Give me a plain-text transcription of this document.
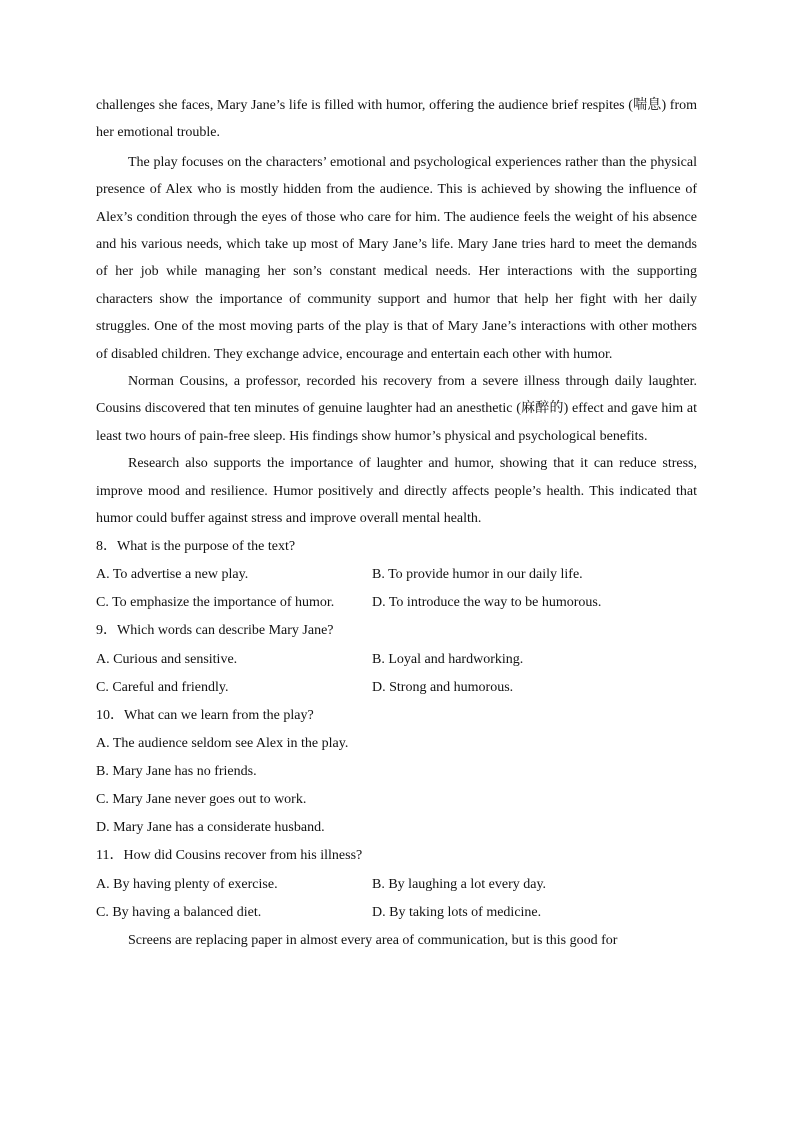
challenges she faces, Mary Jane’s life is filled with humor, offering the audience brief respites (喘息) from her emotional trouble.

The play focuses on the characters’ emotional and psychological experiences rather than the physical presence of Alex who is mostly hidden from the audience. This is achieved by showing the influence of Alex’s condition through the eyes of those who care for him. The audience feels the weight of his absence and his various needs, which take up most of Mary Jane’s life. Mary Jane tries hard to meet the demands of her job while managing her son’s constant medical needs. Her interactions with the supporting characters show the importance of community support and humor that help her fight with her daily struggles. One of the most moving parts of the play is that of Mary Jane’s interactions with other mothers of disabled children. They exchange advice, encourage and entertain each other with humor.

Norman Cousins, a professor, recorded his recovery from a severe illness through daily laughter. Cousins discovered that ten minutes of genuine laughter had an anesthetic (麻醉的) effect and gave him at least two hours of pain-free sleep. His findings show humor’s physical and psychological benefits.

Research also supports the importance of laughter and humor, showing that it can reduce stress, improve mood and resilience. Humor positively and directly affects people’s health. This indicated that humor could buffer against stress and improve overall mental health.

8．What is the purpose of the text?

A. To advertise a new play.	B. To provide humor in our daily life.
C. To emphasize the importance of humor.	D. To introduce the way to be humorous.

9．Which words can describe Mary Jane?

A. Curious and sensitive.	B. Loyal and hardworking.
C. Careful and friendly.	D. Strong and humorous.

10．What can we learn from the play?

A. The audience seldom see Alex in the play.
B. Mary Jane has no friends.
C. Mary Jane never goes out to work.
D. Mary Jane has a considerate husband.

11．How did Cousins recover from his illness?

A. By having plenty of exercise.	B. By laughing a lot every day.
C. By having a balanced diet.	D. By taking lots of medicine.

Screens are replacing paper in almost every area of communication, but is this good for
